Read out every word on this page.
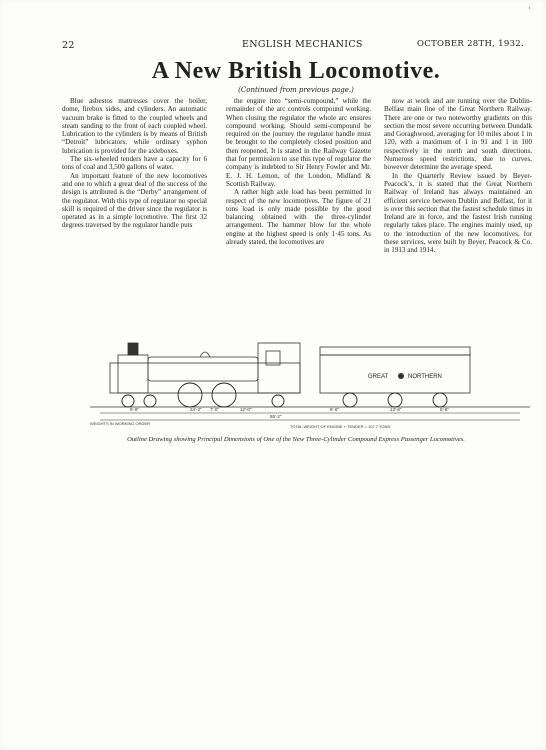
22	ENGLISH MECHANICS	OCTOBER 28TH, 1932.
A New British Locomotive.
(Continued from previous page.)

Blue asbestos mattresses cover the boiler, dome, firebox sides, and cylinders. An automatic vacuum brake is fitted to the coupled wheels and steam sanding to the front of each coupled wheel. Lubrication to the cylinders is by means of British “Detroit” lubricators, while ordinary syphon lubrication is provided for the axleboxes.

The six-wheeled tenders have a capacity for 6 tons of coal and 3,500 gallons of water.

An important feature of the new locomotives and one to which a great deal of the success of the design is attributed is the “Derby” arrangement of the regulator. With this type of regulator no special skill is required of the driver since the regulator is operated as in a simple locomotive. The first 32 degrees traversed by the regulator handle puts

the engine into “semi-compound,” while the remainder of the arc controls compound working. When closing the regulator the whole arc ensures compound working. Should semi-compound be required on the journey the regulator handle must be brought to the completely closed position and then reopened. It is stated in the Railway Gazette that for permission to use this type of regulator the company is indebted to Sir Henry Fowler and Mr. E. J. H. Lemon, of the London, Midland & Scottish Railway.

A rather high axle load has been permitted in respect of the new locomotives. The figure of 21 tons load is only made possible by the good balancing obtained with the three-cylinder arrangement. The hammer blow for the whole engine at the highest speed is only 1·45 tons. As already stated, the locomotives are

now at work and are running over the Dublin-Belfast main line of the Great Northern Railway. There are one or two noteworthy gradients on this section the most severe occurring between Dundalk and Goraghwood, averaging for 10 miles about 1 in 120, with a maximum of 1 in 91 and 1 in 100 respectively in the north and south directions. Numerous speed restrictions, due to curves, however determine the average speed.

In the Quarterly Review issued by Beyer-Peacock’s, it is stated that the Great Northern Railway of Ireland has always maintained an efficient service between Dublin and Belfast, for it is over this section that the fastest schedule times in Ireland are in force, and the fastest Irish running regularly takes place. The engines mainly used, up to the introduction of the new locomotives, for these services, were built by Beyer, Peacock & Co. in 1913 and 1914.

GREAT	NORTHERN
55'-2"
24'-3"	12'-0"
6'-9"	7'-0"	13'-0"
6'-6"	5'-6"
WEIGHTS IN WORKING ORDER
TOTAL WEIGHT OF ENGINE + TENDER = 107.7 TONS
Outline Drawing showing Principal Dimensions of One of the New Three-Cylinder Compound Express Passenger Locomotives.
·
